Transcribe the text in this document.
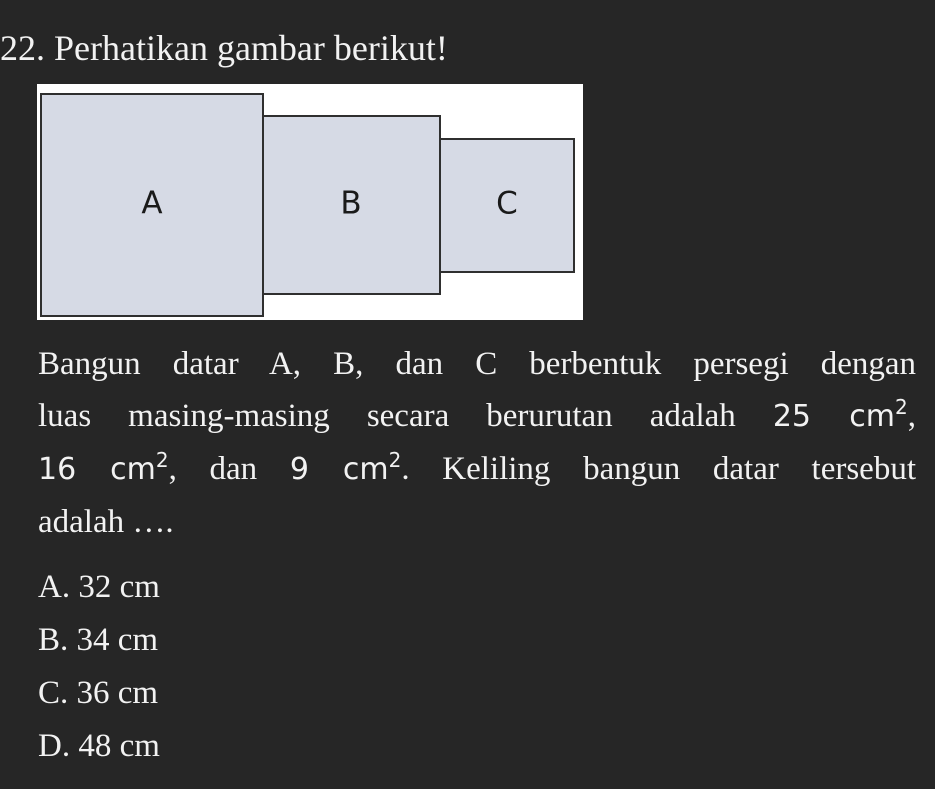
22. Perhatikan gambar berikut!
A	B	C
Bangun datar A, B, dan C berbentuk persegi dengan
luas masing-masing secara berurutan adalah 25 $cm^2$,
16 $cm^2$, dan 9 $cm^2$. Keliling bangun datar tersebut
adalah ….
A. 32 cm
B. 34 cm
C. 36 cm
D. 48 cm
